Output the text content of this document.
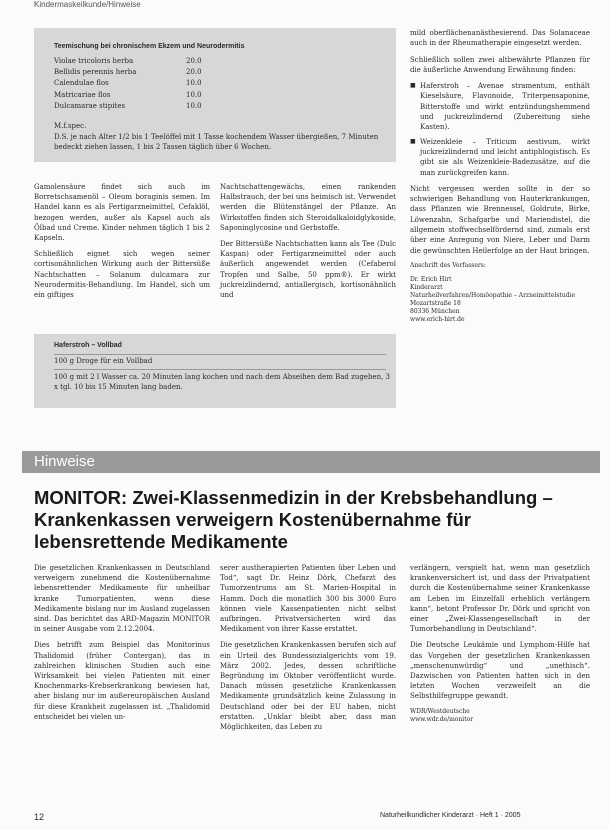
Kindermaskeilkunde/Hinweise
Teemischung bei chronischem Ekzem und Neurodermitis
Violae tricoloris herba	20.0
Bellidis perennis herba	20.0
Calendulae flos	10.0
Matricariae flos	10.0
Dulcamarae stipites	10.0
M.f.spec.
D.S. je nach Alter 1/2 bis 1 Teelöffel mit 1 Tasse kochendem Wasser übergießen, 7 Minuten bedeckt ziehen lassen, 1 bis 2 Tassen täglich über 6 Wochen.

Gamolensäure findet sich auch im Borretschsamenöl – Oleum boraginis semen. Im Handel kann es als Fertigarzneimittel, Cefaklöl, bezogen werden, außer als Kapsel auch als Ölbad und Creme. Kinder nehmen täglich 1 bis 2 Kapseln.

Schließlich eignet sich wegen seiner cortisonähnlichen Wirkung auch der Bittersüße Nachtschatten – Solanum dulcamara zur Neurodermitis-Behandlung. Im Handel, sich um ein giftiges

Nachtschattengewächs, einen rankenden Halbstrauch, der bei uns heimisch ist. Verwendet werden die Blütenstängel der Pflanze. An Wirkstoffen finden sich Steroidalkaloidglykoside, Saponinglycosine und Gerbstoffe.

Der Bittersüße Nachtschatten kann als Tee (Dulc Kaspan) oder Fertigarzneimittel oder auch äußerlich angewendet werden (Cefaberol Tropfen und Salbe, 50 ppm®). Er wirkt juckreizlindernd, antiallergisch, kortisonähnlich und

Haferstroh – Vollbad
100 g Droge für ein Vollbad
100 g mit 2 l Wasser ca. 20 Minuten lang kochen und nach dem Abseihen dem Bad zugeben, 3 x tgl. 10 bis 15 Minuten lang baden.

mild oberflächenanästhesierend. Das Solanaceae auch in der Rheumatherapie eingesetzt werden.

Schließlich sollen zwei altbewährte Pflanzen für die äußerliche Anwendung Erwähnung finden:

■ Haferstroh – Avenae stramentum, enthält Kieselsäure, Flavonoide, Triterpensaponine, Bitterstoffe und wirkt entzündungshemmend und juckreizlindernd (Zubereitung siehe Kasten).
■ Weizenkleie – Triticum aestivum, wirkt juckreizlindernd und leicht antiphlogistisch. Es gibt sie als Weizenkleie-Badezusätze, auf die man zurückgreifen kann.

Nicht vergessen werden sollte in der so schwierigen Behandlung von Hauterkrankungen, dass Pflanzen wie Brennessel, Goldrute, Birke, Löwenzahn, Schafgarbe und Mariendistel, die allgemein stoffwechselfördernd sind, zumals erst über eine Anregung von Niere, Leber und Darm die gewünschten Heilerfolge an der Haut bringen.

Anschrift des Verfassers:
Dr. Erich Hirt
Kinderarzt
Naturheilverfahren/Homöopathie – Arzneimittelstudie
Mozartstraße 18
80336 München
www.erich-hirt.de
Hinweise
MONITOR: Zwei-Klassenmedizin in der Krebsbehandlung – Krankenkassen verweigern Kostenübernahme für lebensrettende Medikamente

Die gesetzlichen Krankenkassen in Deutschland verweigern zunehmend die Kostenübernahme lebensrettender Medikamente für unheilbar kranke Tumorpatienten, wenn diese Medikamente bislang nur im Ausland zugelassen sind. Das berichtet das ARD-Magazin MONITOR in seiner Ausgabe vom 2.12.2004.

Dies betrifft zum Beispiel das Monitorinus Thalidomid (früher Contergan), das in zahlreichen klinischen Studien auch eine Wirksamkeit bei vielen Patienten mit einer Knochenmarks-Krebserkrankung bewiesen hat, aber bislang nur im außereuropäischen Ausland für diese Krankheit zugelassen ist. „Thalidomid entscheidet bei vielen un-

serer austherapierten Patienten über Leben und Tod“, sagt Dr. Heinz Dörk, Chefarzt des Tumorzentrums am St. Marien-Hospital in Hamm. Doch die monatlich 300 bis 3000 Euro können viele Kassenpatienten nicht selbst aufbringen. Privatversicherten wird das Medikament von ihrer Kasse erstattet.

Die gesetzlichen Krankenkassen berufen sich auf ein Urteil des Bundessozialgerichts vom 19. März 2002. Jedes, dessen schriftliche Begründung im Oktober veröffentlicht wurde. Danach müssen gesetzliche Krankenkassen Medikamente grundsätzlich keine Zulassung in Deutschland oder bei der EU haben, nicht erstatten. „Unklar bleibt aber, dass man Möglichkeiten, das Leben zu

verlängern, verspielt hat, wenn man gesetzlich krankenversichert ist, und dass der Privatpatient durch die Kostenübernahme seiner Krankenkasse am Leben im Einzelfall erheblich verlängern kann“, betont Professor Dr. Dörk und spricht von einer „Zwei-Klassengesellschaft in der Tumorbehandlung in Deutschland“.

Die Deutsche Leukämie und Lymphom-Hilfe hat das Vorgehen der gesetzlichen Krankenkassen „menschenunwürdig“ und „unethisch“. Dazwischen von Patienten hatten sich in den letzten Wochen verzweifelt an die Selbsthilfegruppe gewandt.

WDR/Westdeutsche
www.wdr.de/monitor
12	Naturheilkundlicher Kinderarzt · Heft 1 · 2005
